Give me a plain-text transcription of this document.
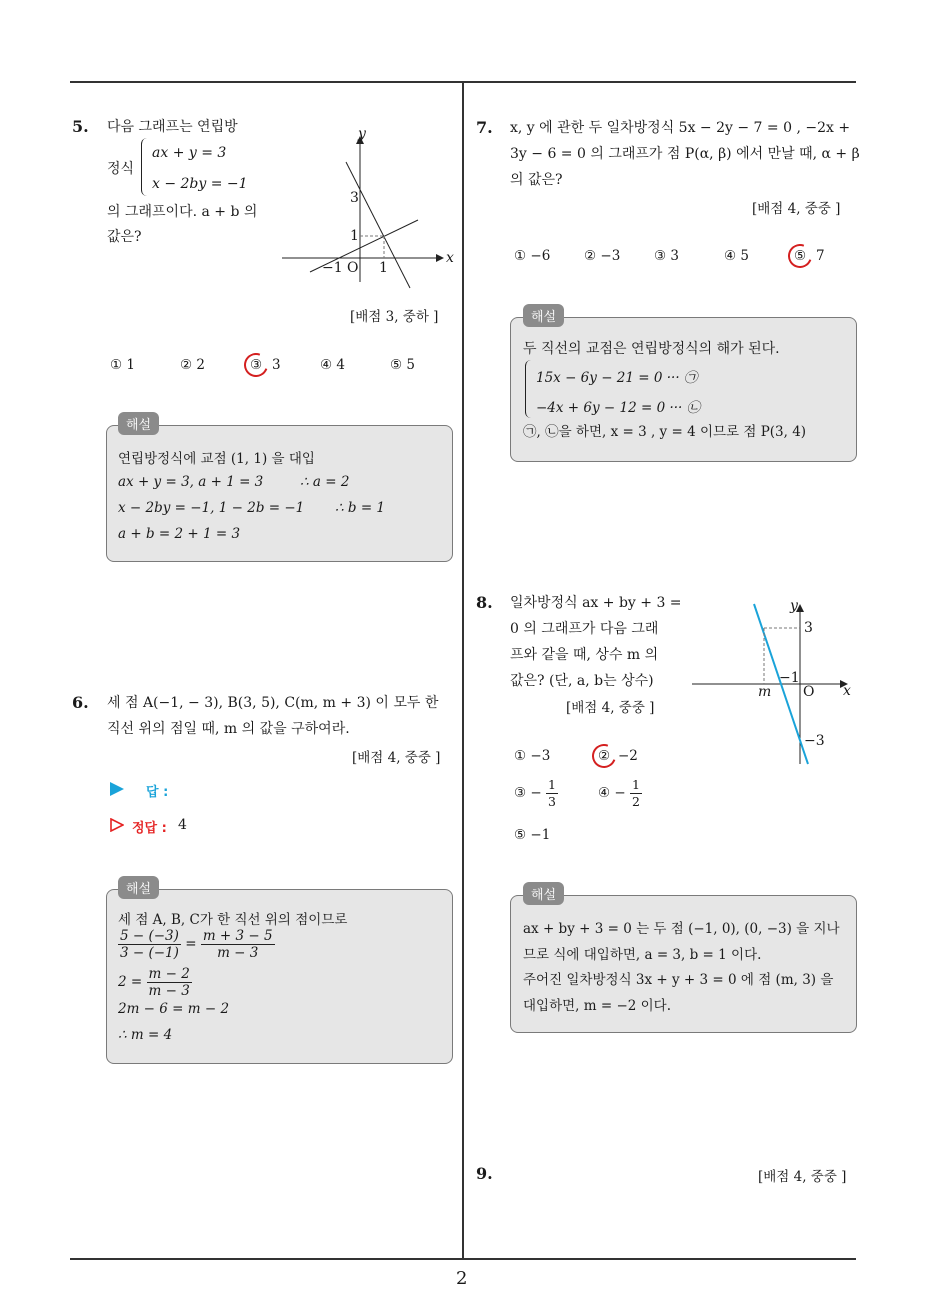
2
5. 다음 그래프는 연립방
정식
ax + y = 3
x − 2by = −1
의 그래프이다. a + b 의
값은?
y
x
3
1
−1 O 1
[배점 3, 중하 ]
① 1	② 2	③ 3	④ 4	⑤ 5
해설
연립방정식에 교점 (1, 1) 을 대입
ax + y = 3, a + 1 = 3	∴ a = 2
x − 2by = −1, 1 − 2b = −1 ∴ b = 1
a + b = 2 + 1 = 3
6. 세 점 A(−1, − 3), B(3, 5), C(m, m + 3) 이 모두 한
직선 위의 점일 때, m 의 값을 구하여라.
[배점 4, 중중 ]
답 :
정답 : 4
해설
세 점 A, B, C가 한 직선 위의 점이므로
$\frac{5 - (-3)}{3 - (-1)} = \frac{m + 3 - 5}{m - 3}$
$2 = \frac{m - 2}{m - 3}$
2m − 6 = m − 2
∴ m = 4
7. x, y 에 관한 두 일차방정식 5x − 2y − 7 = 0 , −2x +
3y − 6 = 0 의 그래프가 점 P(α, β) 에서 만날 때, α + β
의 값은?
[배점 4, 중중 ]
① −6 ② −3 ③ 3	④ 5	⑤ 7
해설
두 직선의 교점은 연립방정식의 해가 된다.
15x − 6y − 21 = 0 ··· ㉠
−4x + 6y − 12 = 0 ··· ㉡
㉠, ㉡을 하면, x = 3 , y = 4 이므로 점 P(3, 4)
8. 일차방정식 ax + by + 3 =
0 의 그래프가 다음 그래
프와 같을 때, 상수 m 의
값은? (단, a, b는 상수)
[배점 4, 중중 ]
y
x
3
−1
m O
−3
① −3	② −2
③ − $\frac{1}{3}$	④ − $\frac{1}{2}$
⑤ −1
해설
ax + by + 3 = 0 는 두 점 (−1, 0), (0, −3) 을 지나
므로 식에 대입하면, a = 3, b = 1 이다.
주어진 일차방정식 3x + y + 3 = 0 에 점 (m, 3) 을
대입하면, m = −2 이다.
9.	[배점 4, 중중 ]
